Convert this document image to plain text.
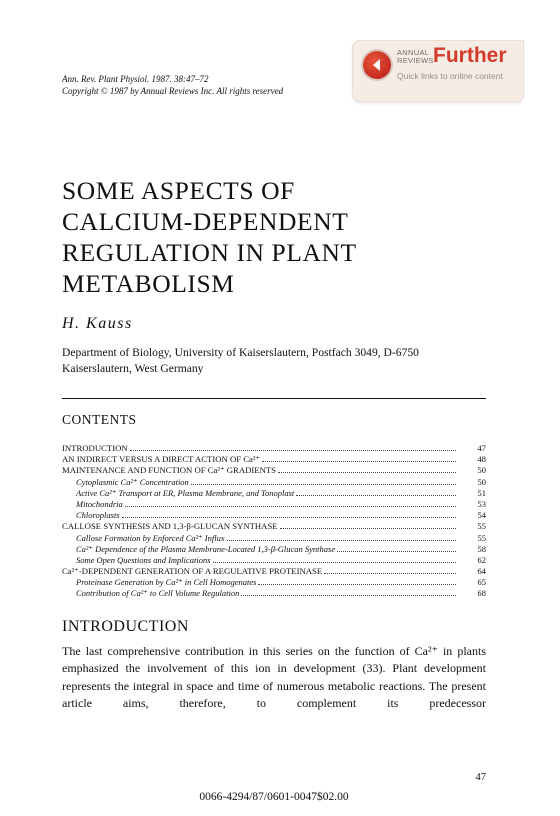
ANNUAL
REVIEWS Further
Quick links to online content
Ann. Rev. Plant Physiol. 1987. 38:47–72
Copyright © 1987 by Annual Reviews Inc. All rights reserved
SOME ASPECTS OF
CALCIUM-DEPENDENT
REGULATION IN PLANT
METABOLISM
H. Kauss
Department of Biology, University of Kaiserslautern, Postfach 3049, D-6750 Kaiserslautern, West Germany
CONTENTS
INTRODUCTION	47
AN INDIRECT VERSUS A DIRECT ACTION OF Ca²⁺	48
MAINTENANCE AND FUNCTION OF Ca²⁺ GRADIENTS	50
Cytoplasmic Ca²⁺ Concentration	50
Active Ca²⁺ Transport at ER, Plasma Membrane, and Tonoplast	51
Mitochondria	53
Chloroplasts	54
CALLOSE SYNTHESIS AND 1,3-β-GLUCAN SYNTHASE	55
Callose Formation by Enforced Ca²⁺ Influx	55
Ca²⁺ Dependence of the Plasma Membrane-Located 1,3-β-Glucan Synthase	58
Some Open Questions and Implications	62
Ca²⁺-DEPENDENT GENERATION OF A REGULATIVE PROTEINASE	64
Proteinase Generation by Ca²⁺ in Cell Homogenates	65
Contribution of Ca²⁺ to Cell Volume Regulation	68
INTRODUCTION
The last comprehensive contribution in this series on the function of Ca²⁺ in plants emphasized the involvement of this ion in development (33). Plant development represents the integral in space and time of numerous metabolic reactions. The present article aims, therefore, to complement its predecessor
47
0066-4294/87/0601-0047$02.00
